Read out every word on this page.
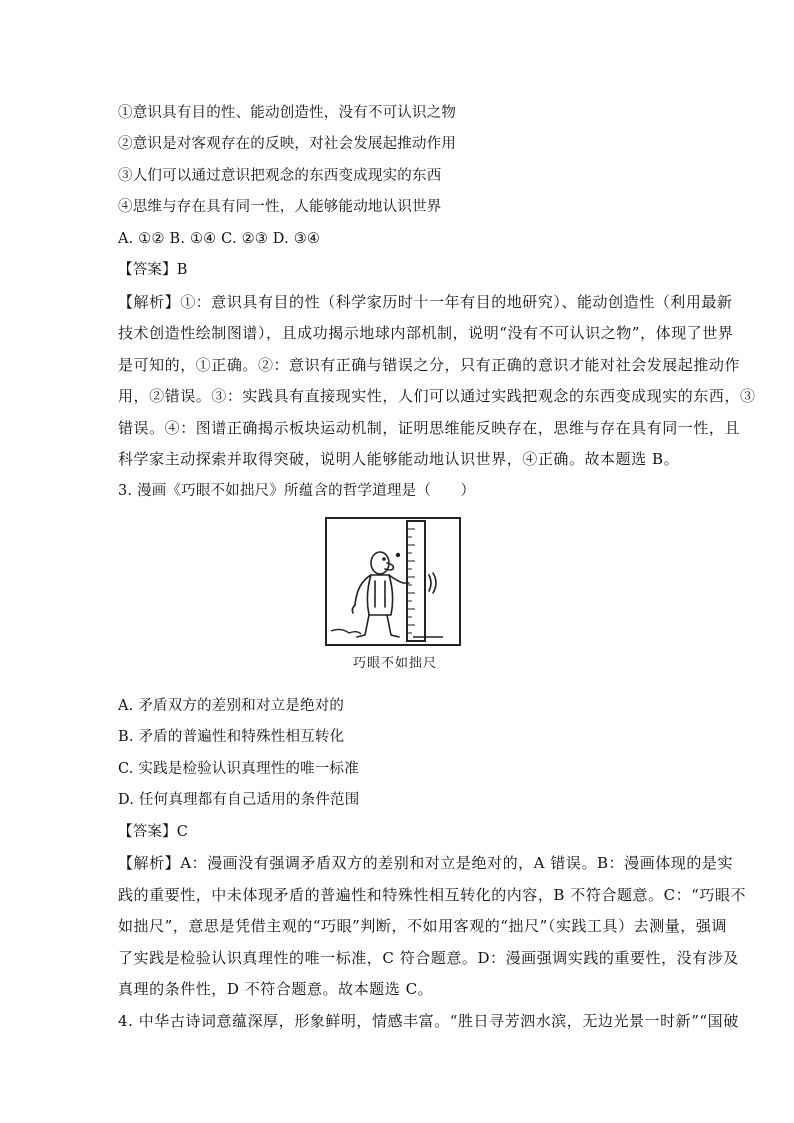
①意识具有目的性、能动创造性，没有不可认识之物
②意识是对客观存在的反映，对社会发展起推动作用
③人们可以通过意识把观念的东西变成现实的东西
④思维与存在具有同一性，人能够能动地认识世界
A. ①② B. ①④ C. ②③ D. ③④
【答案】B
【解析】①：意识具有目的性（科学家历时十一年有目的地研究）、能动创造性（利用最新
技术创造性绘制图谱），且成功揭示地球内部机制，说明“没有不可认识之物”，体现了世界
是可知的，①正确。②：意识有正确与错误之分，只有正确的意识才能对社会发展起推动作
用，②错误。③：实践具有直接现实性，人们可以通过实践把观念的东西变成现实的东西，③
错误。④：图谱正确揭示板块运动机制，证明思维能反映存在，思维与存在具有同一性，且
科学家主动探索并取得突破，说明人能够能动地认识世界，④正确。故本题选 B。
3. 漫画《巧眼不如拙尺》所蕴含的哲学道理是（　　）
巧眼不如拙尺
A. 矛盾双方的差别和对立是绝对的
B. 矛盾的普遍性和特殊性相互转化
C. 实践是检验认识真理性的唯一标准
D. 任何真理都有自己适用的条件范围
【答案】C
【解析】A：漫画没有强调矛盾双方的差别和对立是绝对的，A 错误。B：漫画体现的是实
践的重要性，中未体现矛盾的普遍性和特殊性相互转化的内容，B 不符合题意。C：“巧眼不
如拙尺”，意思是凭借主观的“巧眼”判断，不如用客观的“拙尺”（实践工具）去测量，强调
了实践是检验认识真理性的唯一标准，C 符合题意。D：漫画强调实践的重要性，没有涉及
真理的条件性，D 不符合题意。故本题选 C。
4. 中华古诗词意蕴深厚，形象鲜明，情感丰富。“胜日寻芳泗水滨，无边光景一时新”“国破
